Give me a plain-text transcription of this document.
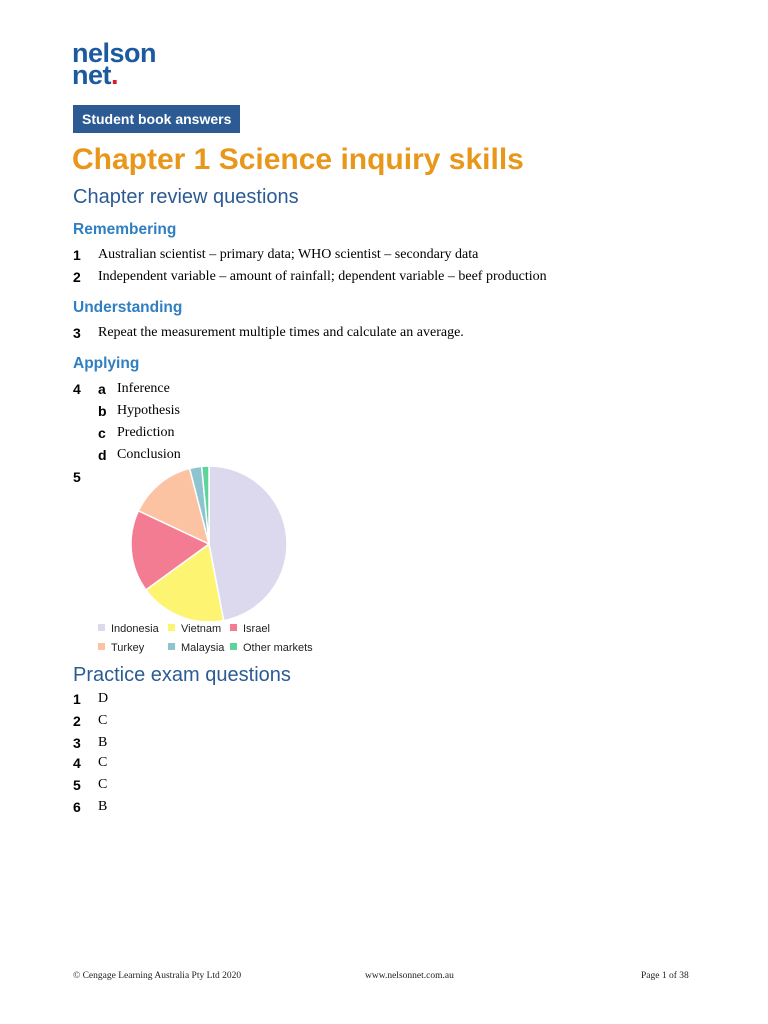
nelson
net.
Student book answers
Chapter 1 Science inquiry skills
Chapter review questions
Remembering
1 Australian scientist – primary data; WHO scientist – secondary data
2 Independent variable – amount of rainfall; dependent variable – beef production
Understanding
3 Repeat the measurement multiple times and calculate an average.
Applying
4 a Inference
b Hypothesis
c Prediction
d Conclusion
5
Indonesia	Vietnam	Israel
Turkey	Malaysia	Other markets
Practice exam questions
1 D
2 C
3 B
4 C
5 C
6 B
© Cengage Learning Australia Pty Ltd 2020	www.nelsonnet.com.au	Page 1 of 38
